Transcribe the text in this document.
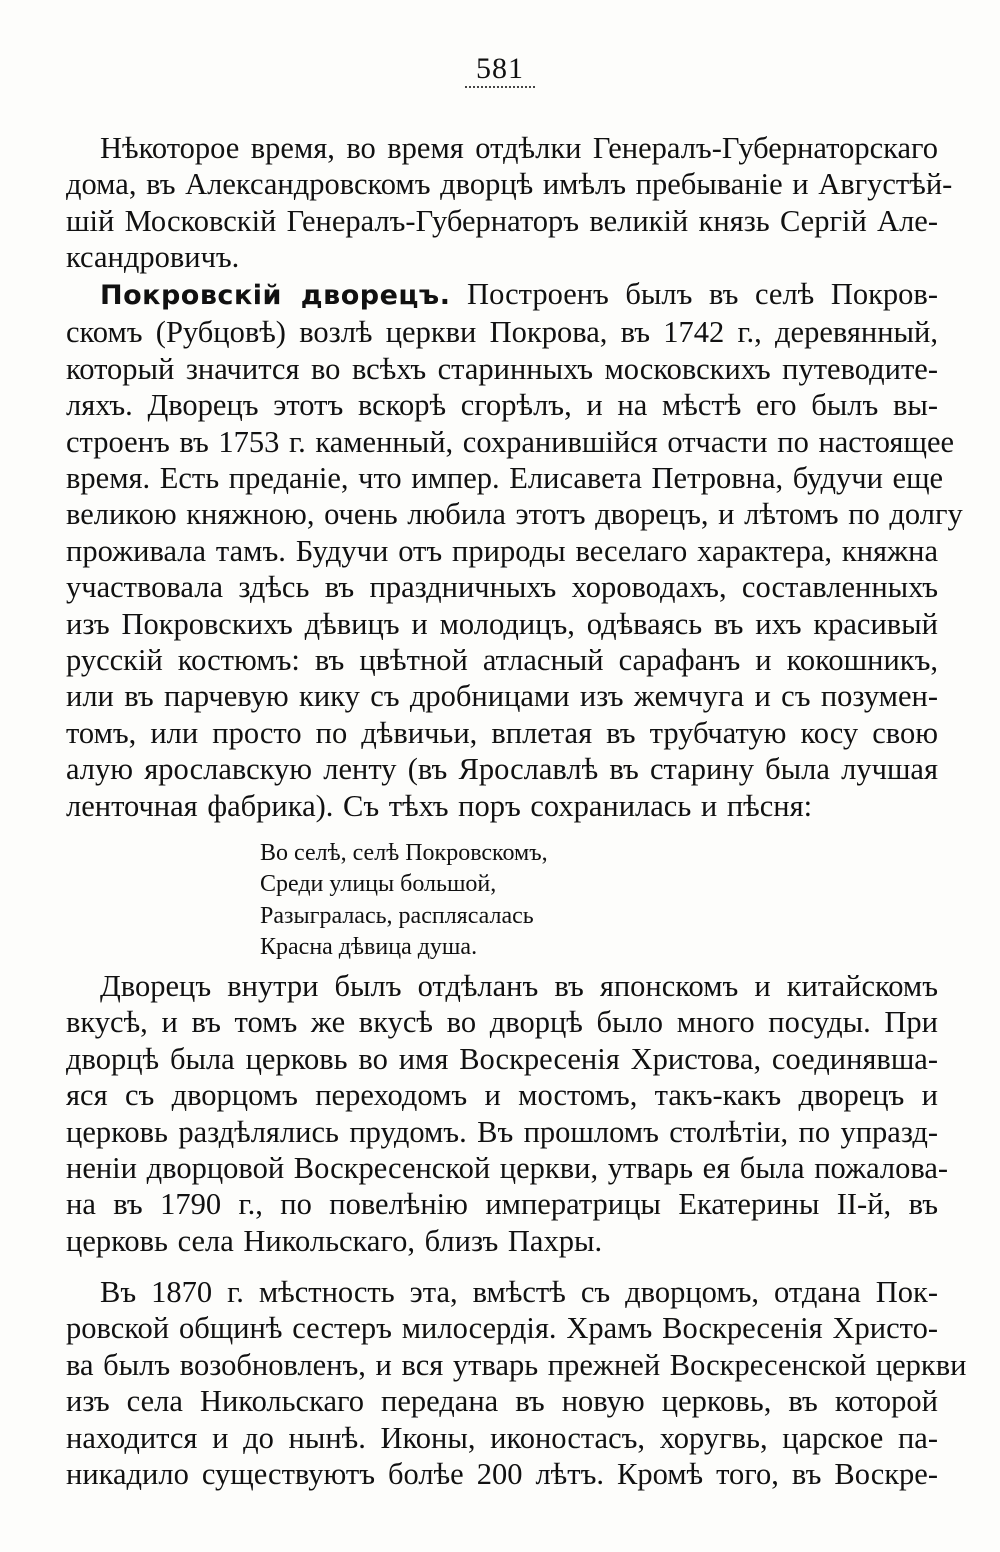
581
Нѣкоторое время, во время отдѣлки Генералъ-Губернаторскаго
дома, въ Александровскомъ дворцѣ имѣлъ пребываніе и Августѣй-
шій Московскій Генералъ-Губернаторъ великій князь Сергій Але-
ксандровичъ.
Покровскій дворецъ. Построенъ былъ въ селѣ Покров-
скомъ (Рубцовѣ) возлѣ церкви Покрова, въ 1742 г., деревянный,
который значится во всѣхъ старинныхъ московскихъ путеводите-
ляхъ. Дворецъ этотъ вскорѣ сгорѣлъ, и на мѣстѣ его былъ вы-
строенъ въ 1753 г. каменный, сохранившійся отчасти по настоящее
время. Есть преданіе, что импер. Елисавета Петровна, будучи еще
великою княжною, очень любила этотъ дворецъ, и лѣтомъ по долгу
проживала тамъ. Будучи отъ природы веселаго характера, княжна
участвовала здѣсь въ праздничныхъ хороводахъ, составленныхъ
изъ Покровскихъ дѣвицъ и молодицъ, одѣваясь въ ихъ красивый
русскій костюмъ: въ цвѣтной атласный сарафанъ и кокошникъ,
или въ парчевую кику съ дробницами изъ жемчуга и съ позумен-
томъ, или просто по дѣвичьи, вплетая въ трубчатую косу свою
алую ярославскую ленту (въ Ярославлѣ въ старину была лучшая
ленточная фабрика). Съ тѣхъ поръ сохранилась и пѣсня:
Во селѣ, селѣ Покровскомъ,
Среди улицы большой,
Разыгралась, расплясалась
Красна дѣвица душа.
Дворецъ внутри былъ отдѣланъ въ японскомъ и китайскомъ
вкусѣ, и въ томъ же вкусѣ во дворцѣ было много посуды. При
дворцѣ была церковь во имя Воскресенія Христова, соединявша-
яся съ дворцомъ переходомъ и мостомъ, такъ-какъ дворецъ и
церковь раздѣлялись прудомъ. Въ прошломъ столѣтіи, по упразд-
неніи дворцовой Воскресенской церкви, утварь ея была пожалова-
на въ 1790 г., по повелѣнію императрицы Екатерины ІІ-й, въ
церковь села Никольскаго, близъ Пахры.
Въ 1870 г. мѣстность эта, вмѣстѣ съ дворцомъ, отдана Пок-
ровской общинѣ сестеръ милосердія. Храмъ Воскресенія Христо-
ва былъ возобновленъ, и вся утварь прежней Воскресенской церкви
изъ села Никольскаго передана въ новую церковь, въ которой
находится и до нынѣ. Иконы, иконостасъ, хоругвь, царское па-
никадило существуютъ болѣе 200 лѣтъ. Кромѣ того, въ Воскре-
